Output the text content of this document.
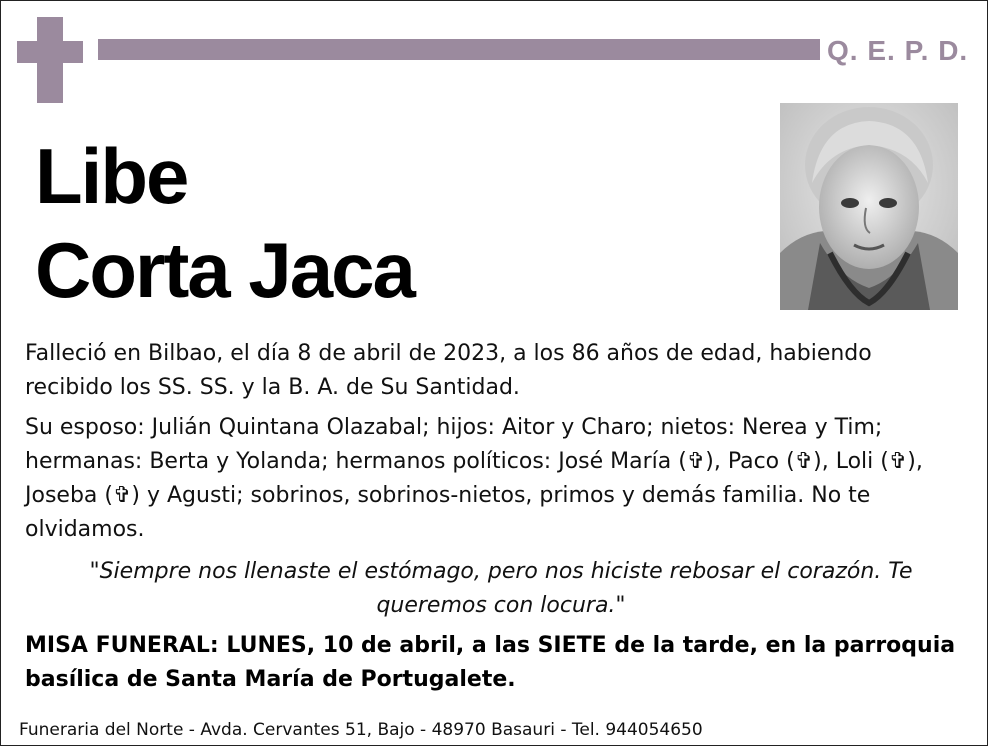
Q. E. P. D.
Libe
Corta Jaca
Falleció en Bilbao, el día 8 de abril de 2023, a los 86 años de edad, habiendo recibido los SS. SS. y la B. A. de Su Santidad.
Su esposo: Julián Quintana Olazabal; hijos: Aitor y Charo; nietos: Nerea y Tim; hermanas: Berta y Yolanda; hermanos políticos: José María (✞), Paco (✞), Loli (✞), Joseba (✞) y Agusti; sobrinos, sobrinos-nietos, primos y demás familia. No te olvidamos.
"Siempre nos llenaste el estómago, pero nos hiciste rebosar el corazón. Te queremos con locura."
MISA FUNERAL: LUNES, 10 de abril, a las SIETE de la tarde, en la parroquia basílica de Santa María de Portugalete.
Funeraria del Norte - Avda. Cervantes 51, Bajo - 48970 Basauri - Tel. 944054650
